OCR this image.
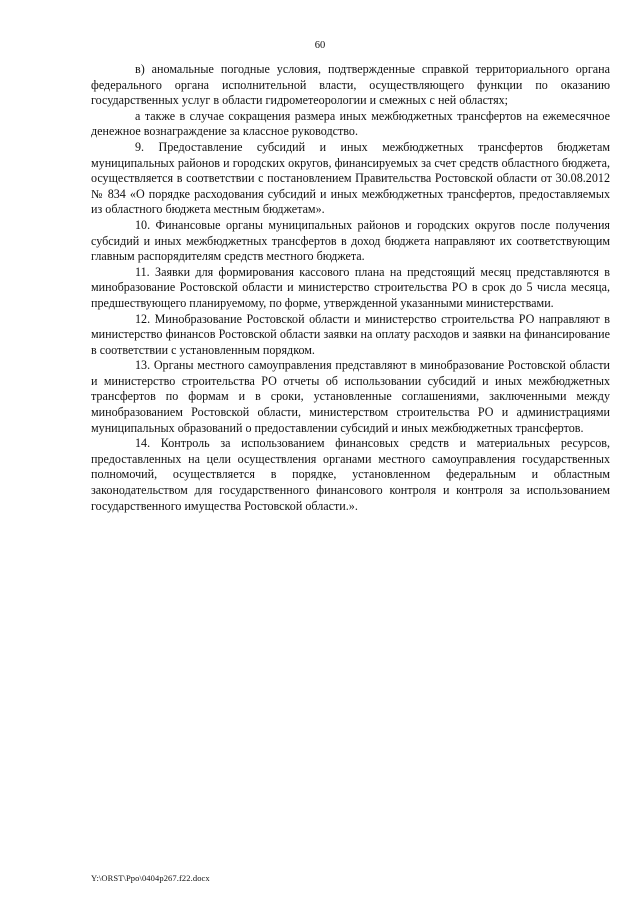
60

в) аномальные погодные условия, подтвержденные справкой территориального органа федерального органа исполнительной власти, осуществляющего функции по оказанию государственных услуг в области гидрометеорологии и смежных с ней областях;

а также в случае сокращения размера иных межбюджетных трансфертов на ежемесячное денежное вознаграждение за классное руководство.

9. Предоставление субсидий и иных межбюджетных трансфертов бюджетам муниципальных районов и городских округов, финансируемых за счет средств областного бюджета, осуществляется в соответствии с постановлением Правительства Ростовской области от 30.08.2012 № 834 «О порядке расходования субсидий и иных межбюджетных трансфертов, предоставляемых из областного бюджета местным бюджетам».

10. Финансовые органы муниципальных районов и городских округов после получения субсидий и иных межбюджетных трансфертов в доход бюджета направляют их соответствующим главным распорядителям средств местного бюджета.

11. Заявки для формирования кассового плана на предстоящий месяц представляются в минобразование Ростовской области и министерство строительства РО в срок до 5 числа месяца, предшествующего планируемому, по форме, утвержденной указанными министерствами.

12. Минобразование Ростовской области и министерство строительства РО направляют в министерство финансов Ростовской области заявки на оплату расходов и заявки на финансирование в соответствии с установленным порядком.

13. Органы местного самоуправления представляют в минобразование Ростовской области и министерство строительства РО отчеты об использовании субсидий и иных межбюджетных трансфертов по формам и в сроки, установленные соглашениями, заключенными между минобразованием Ростовской области, министерством строительства РО и администрациями муниципальных образований о предоставлении субсидий и иных межбюджетных трансфертов.

14. Контроль за использованием финансовых средств и материальных ресурсов, предоставленных на цели осуществления органами местного самоуправления государственных полномочий, осуществляется в порядке, установленном федеральным и областным законодательством для государственного финансового контроля и контроля за использованием государственного имущества Ростовской области.».

Y:\ORST\Ppo\0404p267.f22.docx
